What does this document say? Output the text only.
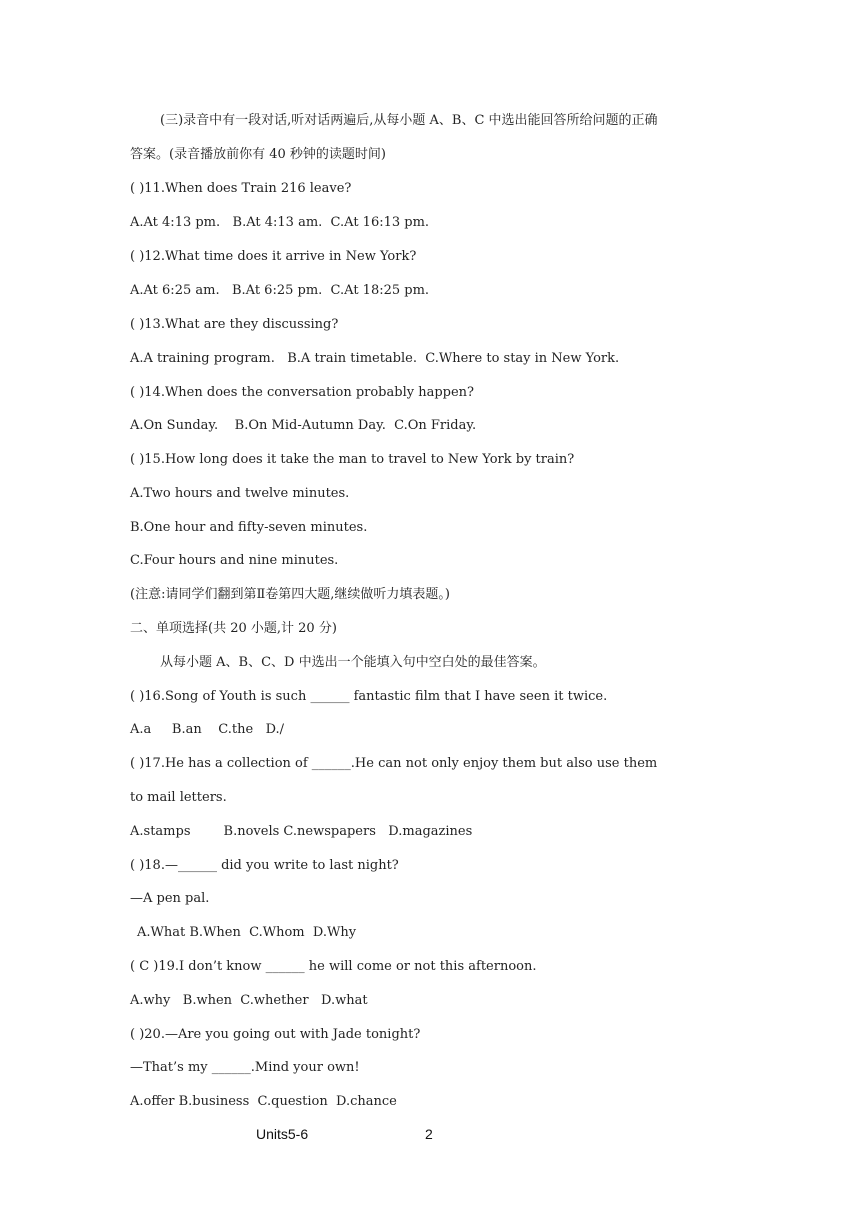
(三)录音中有一段对话,听对话两遍后,从每小题 A、B、C 中选出能回答所给问题的正确
答案。(录音播放前你有 40 秒钟的读题时间)
( )11.When does Train 216 leave?
A.At 4:13 pm.   B.At 4:13 am.  C.At 16:13 pm.
( )12.What time does it arrive in New York?
A.At 6:25 am.   B.At 6:25 pm.  C.At 18:25 pm.
( )13.What are they discussing?
A.A training program.   B.A train timetable.  C.Where to stay in New York.
( )14.When does the conversation probably happen?
A.On Sunday.    B.On Mid-Autumn Day.  C.On Friday.
( )15.How long does it take the man to travel to New York by train?
A.Two hours and twelve minutes.
B.One hour and fifty-seven minutes.
C.Four hours and nine minutes.
(注意:请同学们翻到第Ⅱ卷第四大题,继续做听力填表题。)
二、单项选择(共 20 小题,计 20 分)
从每小题 A、B、C、D 中选出一个能填入句中空白处的最佳答案。
( )16.Song of Youth is such ______ fantastic film that I have seen it twice.
A.a     B.an    C.the   D./
( )17.He has a collection of ______.He can not only enjoy them but also use them
to mail letters.
A.stamps        B.novels C.newspapers   D.magazines
( )18.—______ did you write to last night?
—A pen pal.
A.What B.When  C.Whom  D.Why
( C )19.I don’t know ______ he will come or not this afternoon.
A.why   B.when  C.whether   D.what
( )20.—Are you going out with Jade tonight?
—That’s my ______.Mind your own!
A.offer B.business  C.question  D.chance
Units5-6	2
